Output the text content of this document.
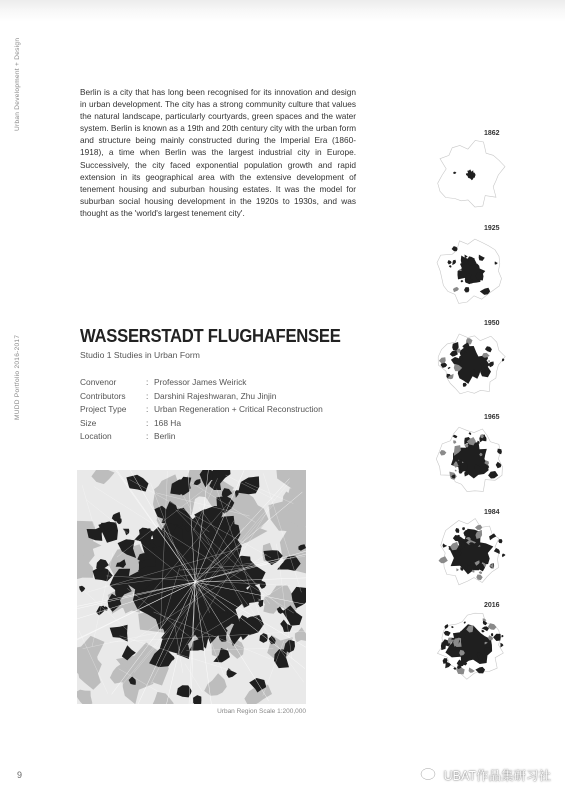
Urban Development + Design
MUDD Portfolio 2016-2017

Berlin is a city that has long been recognised for its innovation and design in urban development. The city has a strong community culture that values the natural landscape, particularly courtyards, green spaces and the water system. Berlin is known as a 19th and 20th century city with the urban form and structure being mainly constructed during the Imperial Era (1860-1918), a time when Berlin was the largest industrial city in Europe. Successively, the city faced exponential population growth and rapid extension in its geographical area with the extensive development of tenement housing and suburban housing estates. It was the model for suburban social housing development in the 1920s to 1930s, and was thought as the 'world's largest tenement city'.

WASSERSTADT FLUGHAFENSEE
Studio 1 Studies in Urban Form
Convenor	: Professor James Weirick
Contributors	: Darshini Rajeshwaran, Zhu Jinjin
Project Type	: Urban Regeneration + Critical Reconstruction
Size	: 168 Ha
Location	: Berlin
Urban Region Scale 1:200,000
1862
1925
1950
1965
1984
2016
9	UBAT作品集研习社
